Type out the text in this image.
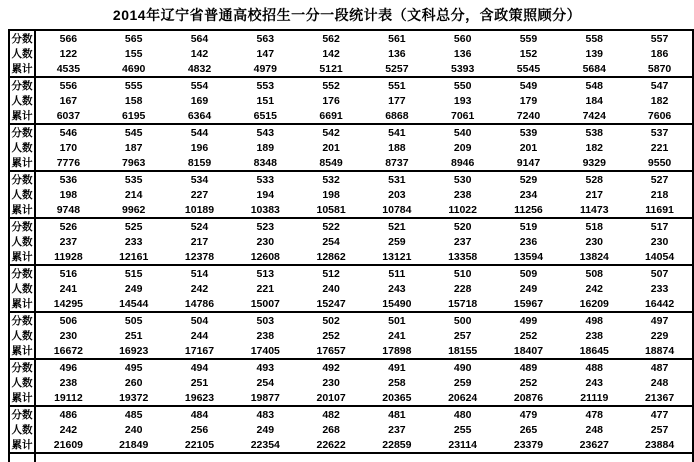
2014年辽宁省普通高校招生一分一段统计表（文科总分，含政策照顾分）
分数	566	565	564	563	562	561	560	559	558	557
人数	122	155	142	147	142	136	136	152	139	186
累计	4535	4690	4832	4979	5121	5257	5393	5545	5684	5870
分数	556	555	554	553	552	551	550	549	548	547
人数	167	158	169	151	176	177	193	179	184	182
累计	6037	6195	6364	6515	6691	6868	7061	7240	7424	7606
分数	546	545	544	543	542	541	540	539	538	537
人数	170	187	196	189	201	188	209	201	182	221
累计	7776	7963	8159	8348	8549	8737	8946	9147	9329	9550
分数	536	535	534	533	532	531	530	529	528	527
人数	198	214	227	194	198	203	238	234	217	218
累计	9748	9962	10189	10383	10581	10784	11022	11256	11473	11691
分数	526	525	524	523	522	521	520	519	518	517
人数	237	233	217	230	254	259	237	236	230	230
累计	11928	12161	12378	12608	12862	13121	13358	13594	13824	14054
分数	516	515	514	513	512	511	510	509	508	507
人数	241	249	242	221	240	243	228	249	242	233
累计	14295	14544	14786	15007	15247	15490	15718	15967	16209	16442
分数	506	505	504	503	502	501	500	499	498	497
人数	230	251	244	238	252	241	257	252	238	229
累计	16672	16923	17167	17405	17657	17898	18155	18407	18645	18874
分数	496	495	494	493	492	491	490	489	488	487
人数	238	260	251	254	230	258	259	252	243	248
累计	19112	19372	19623	19877	20107	20365	20624	20876	21119	21367
分数	486	485	484	483	482	481	480	479	478	477
人数	242	240	256	249	268	237	255	265	248	257
累计	21609	21849	22105	22354	22622	22859	23114	23379	23627	23884
